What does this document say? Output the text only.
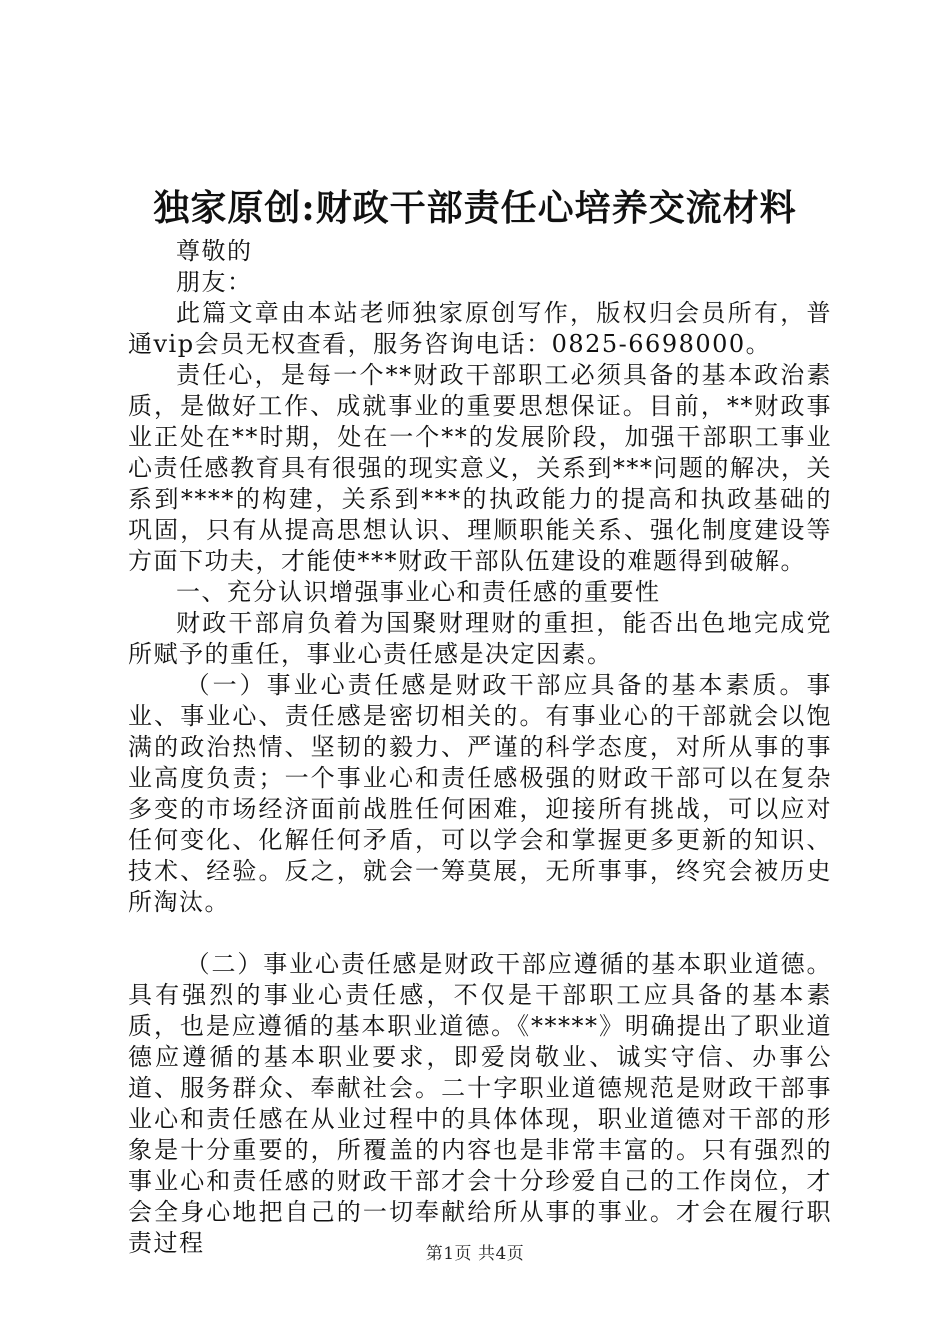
独家原创:财政干部责任心培养交流材料

尊敬的

朋友：

此篇文章由本站老师独家原创写作，版权归会员所有，普通vip会员无权查看，服务咨询电话：0825-6698000。

责任心，是每一个**财政干部职工必须具备的基本政治素质，是做好工作、成就事业的重要思想保证。目前，**财政事业正处在**时期，处在一个**的发展阶段，加强干部职工事业心责任感教育具有很强的现实意义，关系到***问题的解决，关系到****的构建，关系到***的执政能力的提高和执政基础的巩固，只有从提高思想认识、理顺职能关系、强化制度建设等方面下功夫，才能使***财政干部队伍建设的难题得到破解。

一、充分认识增强事业心和责任感的重要性

财政干部肩负着为国聚财理财的重担，能否出色地完成党所赋予的重任，事业心责任感是决定因素。

（一）事业心责任感是财政干部应具备的基本素质。事业、事业心、责任感是密切相关的。有事业心的干部就会以饱满的政治热情、坚韧的毅力、严谨的科学态度，对所从事的事业高度负责；一个事业心和责任感极强的财政干部可以在复杂多变的市场经济面前战胜任何困难，迎接所有挑战，可以应对任何变化、化解任何矛盾，可以学会和掌握更多更新的知识、技术、经验。反之，就会一筹莫展，无所事事，终究会被历史所淘汰。

（二）事业心责任感是财政干部应遵循的基本职业道德。具有强烈的事业心责任感，不仅是干部职工应具备的基本素质，也是应遵循的基本职业道德。《*****》明确提出了职业道德应遵循的基本职业要求，即爱岗敬业、诚实守信、办事公道、服务群众、奉献社会。二十字职业道德规范是财政干部事业心和责任感在从业过程中的具体体现，职业道德对干部的形象是十分重要的，所覆盖的内容也是非常丰富的。只有强烈的事业心和责任感的财政干部才会十分珍爱自己的工作岗位，才会全身心地把自己的一切奉献给所从事的事业。才会在履行职责过程	第1页 共4页
